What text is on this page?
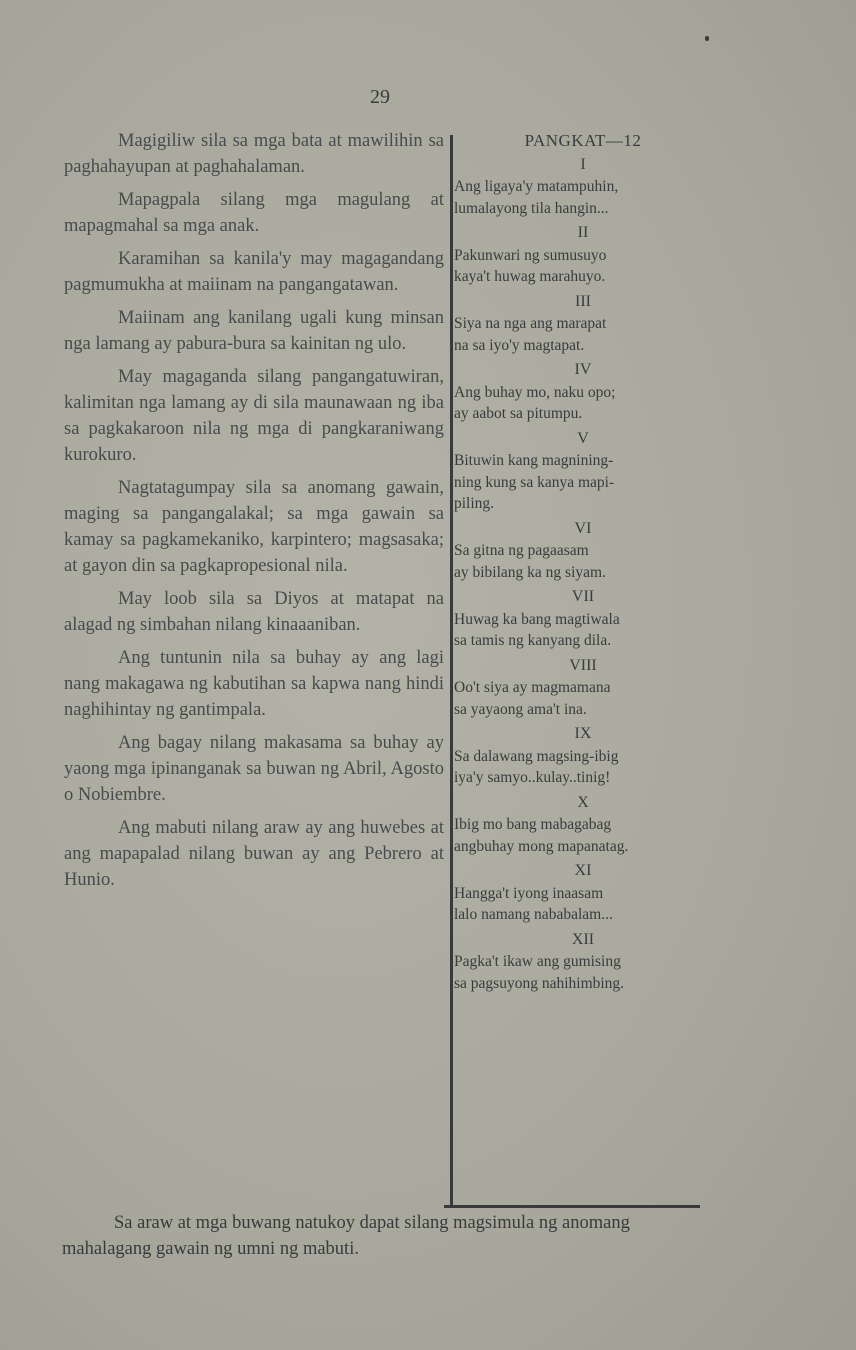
29

Magigiliw sila sa mga bata at mawilihin sa paghahayupan at paghahalaman.

Mapagpala silang mga magulang at mapagmahal sa mga anak.

Karamihan sa kanila'y may magagandang pagmumukha at maiinam na pangangatawan.

Maiinam ang kanilang ugali kung minsan nga lamang ay pabura-bura sa kainitan ng ulo.

May magaganda silang pangangatuwiran, kalimitan nga lamang ay di sila maunawaan ng iba sa pagkakaroon nila ng mga di pangkaraniwang kurokuro.

Nagtatagumpay sila sa anomang gawain, maging sa pangangalakal; sa mga gawain sa kamay sa pagkamekaniko, karpintero; magsasaka; at gayon din sa pagkapropesional nila.

May loob sila sa Diyos at matapat na alagad ng simbahan nilang kinaaaniban.

Ang tuntunin nila sa buhay ay ang lagi nang makagawa ng kabutihan sa kapwa nang hindi naghihintay ng gantimpala.

Ang bagay nilang makasama sa buhay ay yaong mga ipinanganak sa buwan ng Abril, Agosto o Nobiembre.

Ang mabuti nilang araw ay ang huwebes at ang mapapalad nilang buwan ay ang Pebrero at Hunio.

PANGKAT—12
I
Ang ligaya'y matampuhin,
lumalayong tila hangin...
II
Pakunwari ng sumusuyo
kaya't huwag marahuyo.
III
Siya na nga ang marapat
na sa iyo'y magtapat.
IV
Ang buhay mo, naku opo;
ay aabot sa pitumpu.
V
Bituwin kang magnining-
ning kung sa kanya mapi-
piling.
VI
Sa gitna ng pagaasam
ay bibilang ka ng siyam.
VII
Huwag ka bang magtiwala
sa tamis ng kanyang dila.
VIII
Oo't siya ay magmamana
sa yayaong ama't ina.
IX
Sa dalawang magsing-ibig
iya'y samyo..kulay..tinig!
X
Ibig mo bang mabagabag
angbuhay mong mapanatag.
XI
Hangga't iyong inaasam
lalo namang nababalam...
XII
Pagka't ikaw ang gumising
sa pagsuyong nahihimbing.

Sa araw at mga buwang natukoy dapat silang magsimula ng anomang mahalagang gawain ng umni ng mabuti.
